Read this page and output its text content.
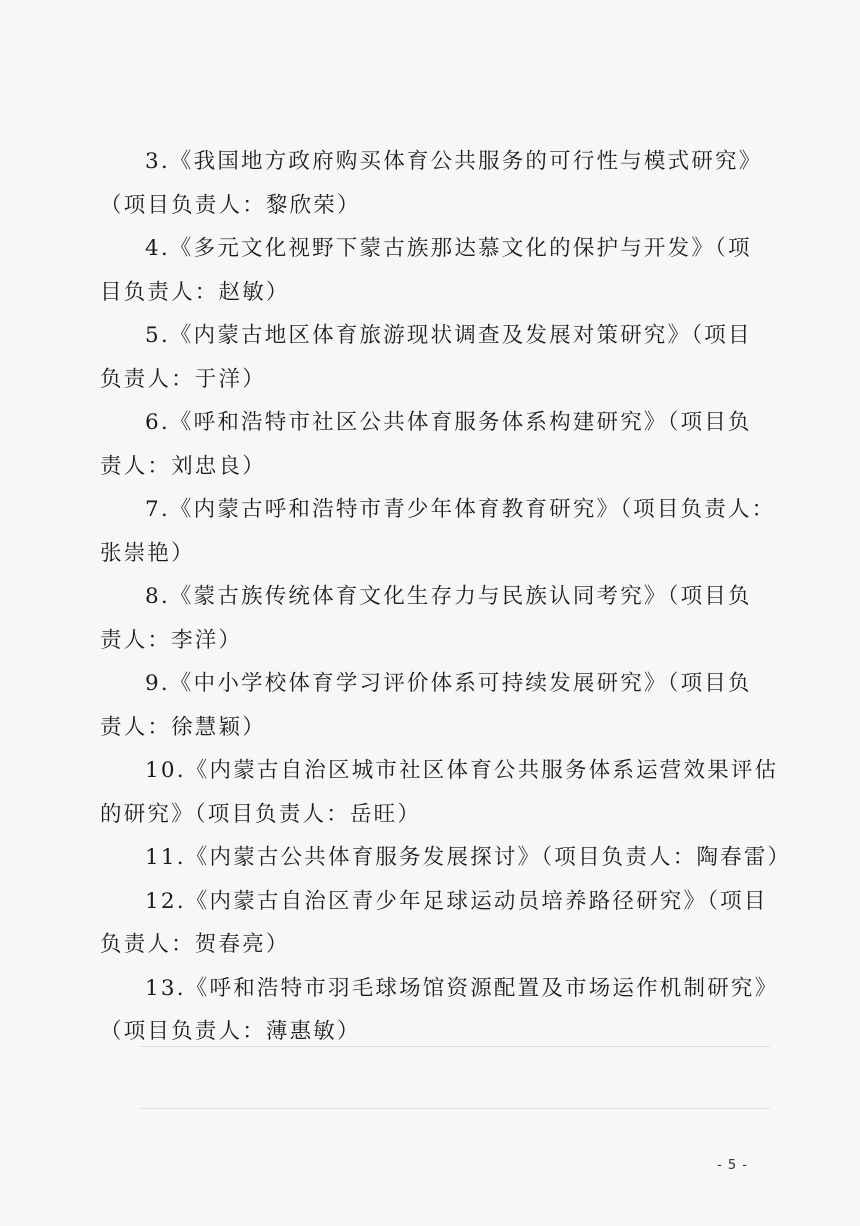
3.《我国地方政府购买体育公共服务的可行性与模式研究》
（项目负责人：黎欣荣）

4.《多元文化视野下蒙古族那达慕文化的保护与开发》（项
目负责人：赵敏）

5.《内蒙古地区体育旅游现状调查及发展对策研究》（项目
负责人：于洋）

6.《呼和浩特市社区公共体育服务体系构建研究》（项目负
责人：刘忠良）

7.《内蒙古呼和浩特市青少年体育教育研究》（项目负责人：
张崇艳）

8.《蒙古族传统体育文化生存力与民族认同考究》（项目负
责人：李洋）

9.《中小学校体育学习评价体系可持续发展研究》（项目负
责人：徐慧颖）

10.《内蒙古自治区城市社区体育公共服务体系运营效果评估
的研究》（项目负责人：岳旺）

11.《内蒙古公共体育服务发展探讨》（项目负责人：陶春雷）

12.《内蒙古自治区青少年足球运动员培养路径研究》（项目
负责人：贺春亮）

13.《呼和浩特市羽毛球场馆资源配置及市场运作机制研究》
（项目负责人：薄惠敏）

- 5 -
